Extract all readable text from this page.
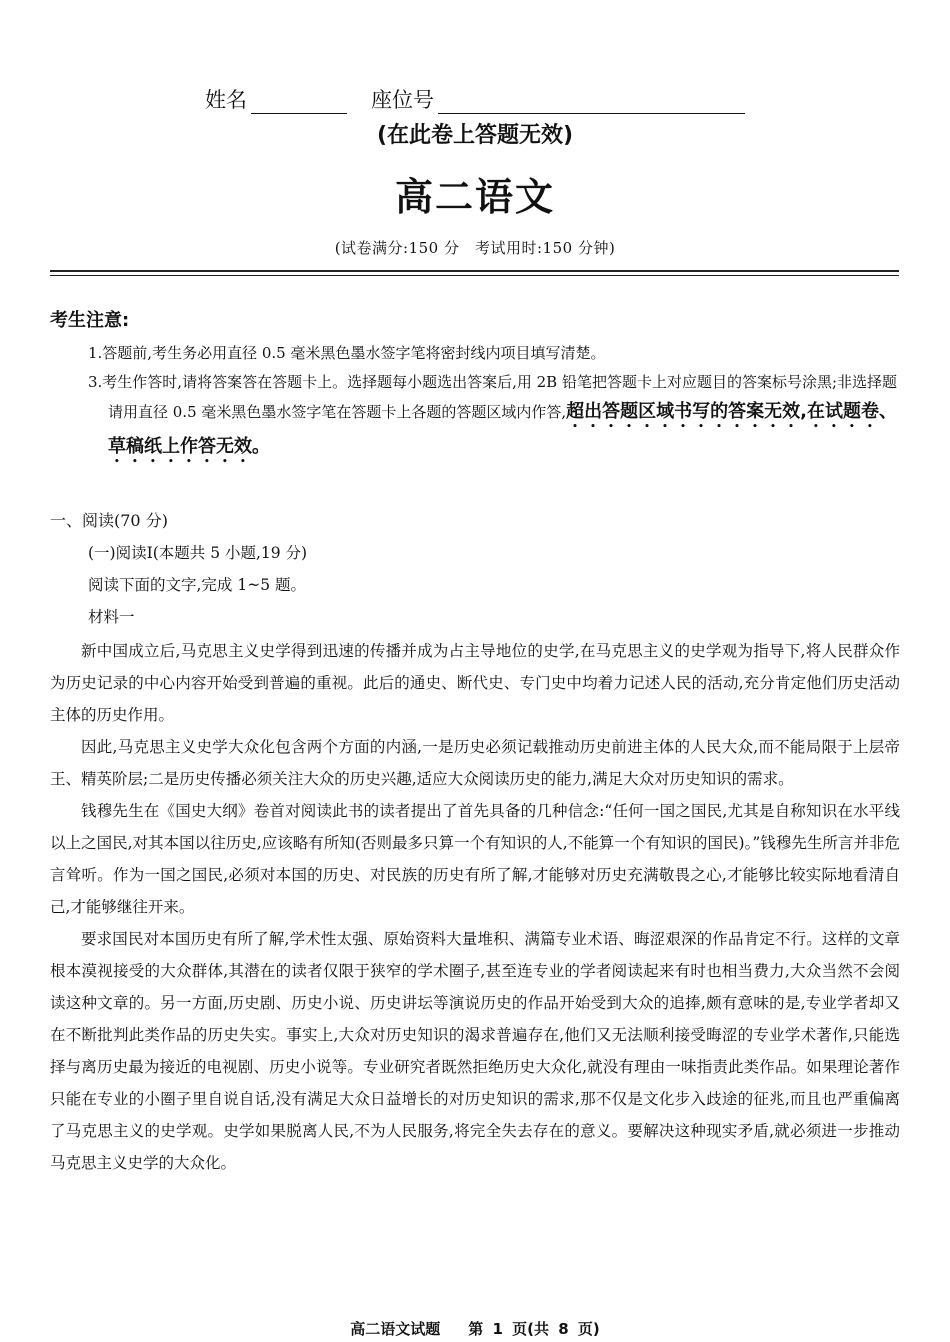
姓名	座位号
(在此卷上答题无效)
高二语文
(试卷满分:150 分　考试用时:150 分钟)
考生注意:
1.答题前,考生务必用直径 0.5 毫米黑色墨水签字笔将密封线内项目填写清楚。
3.考生作答时,请将答案答在答题卡上。选择题每小题选出答案后,用 2B 铅笔把答题卡上对应题目的答案标号涂黑;非选择题请用直径 0.5 毫米黑色墨水签字笔在答题卡上各题的答题区域内作答,超出答题区域书写的答案无效,在试题卷、草稿纸上作答无效。
一、阅读(70 分)
(一)阅读Ⅰ(本题共 5 小题,19 分)
阅读下面的文字,完成 1~5 题。
材料一

新中国成立后,马克思主义史学得到迅速的传播并成为占主导地位的史学,在马克思主义的史学观为指导下,将人民群众作为历史记录的中心内容开始受到普遍的重视。此后的通史、断代史、专门史中均着力记述人民的活动,充分肯定他们历史活动主体的历史作用。

因此,马克思主义史学大众化包含两个方面的内涵,一是历史必须记载推动历史前进主体的人民大众,而不能局限于上层帝王、精英阶层;二是历史传播必须关注大众的历史兴趣,适应大众阅读历史的能力,满足大众对历史知识的需求。

钱穆先生在《国史大纲》卷首对阅读此书的读者提出了首先具备的几种信念:“任何一国之国民,尤其是自称知识在水平线以上之国民,对其本国以往历史,应该略有所知(否则最多只算一个有知识的人,不能算一个有知识的国民)。”钱穆先生所言并非危言耸听。作为一国之国民,必须对本国的历史、对民族的历史有所了解,才能够对历史充满敬畏之心,才能够比较实际地看清自己,才能够继往开来。

要求国民对本国历史有所了解,学术性太强、原始资料大量堆积、满篇专业术语、晦涩艰深的作品肯定不行。这样的文章根本漠视接受的大众群体,其潜在的读者仅限于狭窄的学术圈子,甚至连专业的学者阅读起来有时也相当费力,大众当然不会阅读这种文章的。另一方面,历史剧、历史小说、历史讲坛等演说历史的作品开始受到大众的追捧,颇有意味的是,专业学者却又在不断批判此类作品的历史失实。事实上,大众对历史知识的渴求普遍存在,他们又无法顺利接受晦涩的专业学术著作,只能选择与离历史最为接近的电视剧、历史小说等。专业研究者既然拒绝历史大众化,就没有理由一味指责此类作品。如果理论著作只能在专业的小圈子里自说自话,没有满足大众日益增长的对历史知识的需求,那不仅是文化步入歧途的征兆,而且也严重偏离了马克思主义的史学观。史学如果脱离人民,不为人民服务,将完全失去存在的意义。要解决这种现实矛盾,就必须进一步推动马克思主义史学的大众化。

高二语文试题 第 1 页(共 8 页)
